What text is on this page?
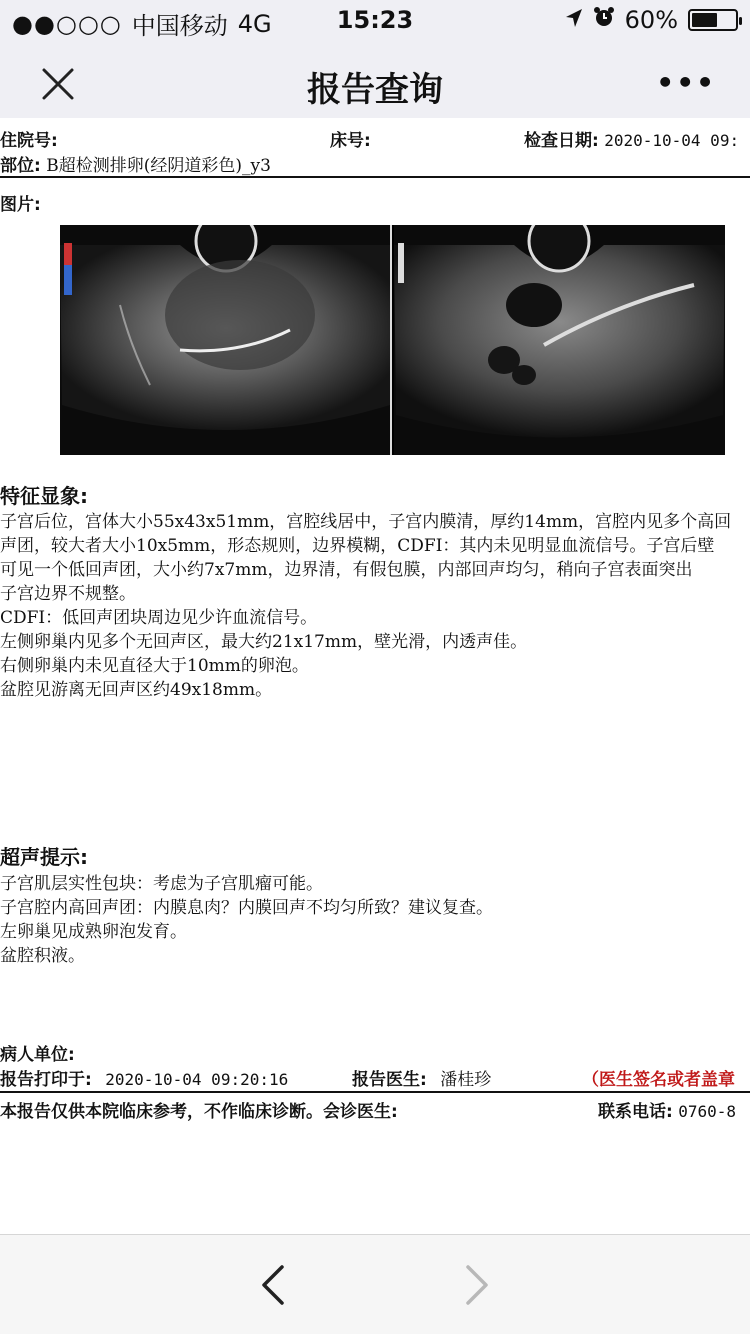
●●○○○ 中国移动 4G	15:23	60%
报告查询	•••
住院号:	床号:	检查日期: 2020-10-04 09:
部位: B超检测排卵(经阴道彩色)_y3
图片:
特征显象:
子宫后位，宫体大小55x43x51mm，宫腔线居中，子宫内膜清，厚约14mm，宫腔内见多个高回
声团，较大者大小10x5mm，形态规则，边界模糊，CDFI：其内未见明显血流信号。子宫后壁
可见一个低回声团，大小约7x7mm，边界清，有假包膜，内部回声均匀，稍向子宫表面突出
子宫边界不规整。
CDFI：低回声团块周边见少许血流信号。
左侧卵巢内见多个无回声区，最大约21x17mm，壁光滑，内透声佳。
右侧卵巢内未见直径大于10mm的卵泡。
盆腔见游离无回声区约49x18mm。
超声提示:
子宫肌层实性包块：考虑为子宫肌瘤可能。
子宫腔内高回声团：内膜息肉？内膜回声不均匀所致？建议复查。
左卵巢见成熟卵泡发育。
盆腔积液。
病人单位:
报告打印于: 2020-10-04 09:20:16	报告医生: 潘桂珍	（医生签名或者盖章
本报告仅供本院临床参考，不作临床诊断。会诊医生:	联系电话: 0760-8
